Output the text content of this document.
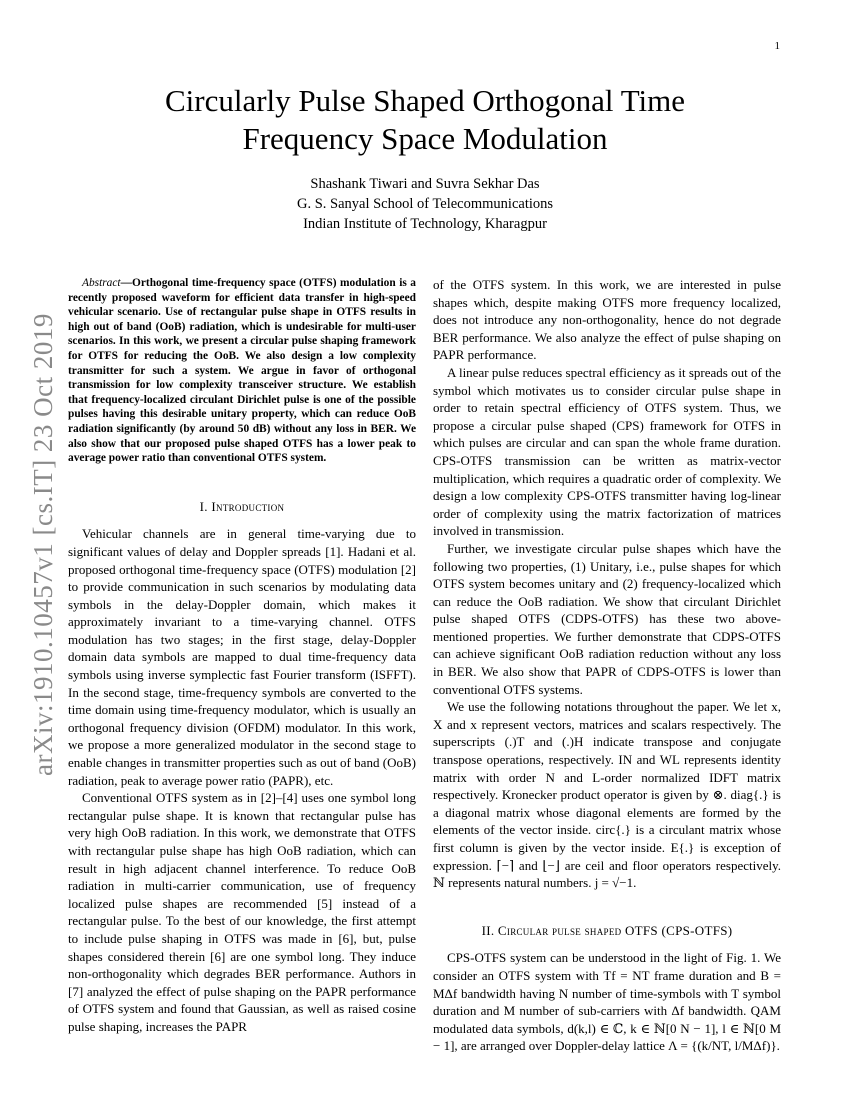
1
arXiv:1910.10457v1 [cs.IT] 23 Oct 2019
Circularly Pulse Shaped Orthogonal Time
Frequency Space Modulation
Shashank Tiwari and Suvra Sekhar Das
G. S. Sanyal School of Telecommunications
Indian Institute of Technology, Kharagpur

Abstract—Orthogonal time-frequency space (OTFS) modulation is a recently proposed waveform for efficient data transfer in high-speed vehicular scenario. Use of rectangular pulse shape in OTFS results in high out of band (OoB) radiation, which is undesirable for multi-user scenarios. In this work, we present a circular pulse shaping framework for OTFS for reducing the OoB. We also design a low complexity transmitter for such a system. We argue in favor of orthogonal transmission for low complexity transceiver structure. We establish that frequency-localized circulant Dirichlet pulse is one of the possible pulses having this desirable unitary property, which can reduce OoB radiation significantly (by around 50 dB) without any loss in BER. We also show that our proposed pulse shaped OTFS has a lower peak to average power ratio than conventional OTFS system.

I. Introduction

Vehicular channels are in general time-varying due to significant values of delay and Doppler spreads [1]. Hadani et al. proposed orthogonal time-frequency space (OTFS) modulation [2] to provide communication in such scenarios by modulating data symbols in the delay-Doppler domain, which makes it approximately invariant to a time-varying channel. OTFS modulation has two stages; in the first stage, delay-Doppler domain data symbols are mapped to dual time-frequency data symbols using inverse symplectic fast Fourier transform (ISFFT). In the second stage, time-frequency symbols are converted to the time domain using time-frequency modulator, which is usually an orthogonal frequency division (OFDM) modulator. In this work, we propose a more generalized modulator in the second stage to enable changes in transmitter properties such as out of band (OoB) radiation, peak to average power ratio (PAPR), etc.

Conventional OTFS system as in [2]–[4] uses one symbol long rectangular pulse shape. It is known that rectangular pulse has very high OoB radiation. In this work, we demonstrate that OTFS with rectangular pulse shape has high OoB radiation, which can result in high adjacent channel interference. To reduce OoB radiation in multi-carrier communication, use of frequency localized pulse shapes are recommended [5] instead of a rectangular pulse. To the best of our knowledge, the first attempt to include pulse shaping in OTFS was made in [6], but, pulse shapes considered therein [6] are one symbol long. They induce non-orthogonality which degrades BER performance. Authors in [7] analyzed the effect of pulse shaping on the PAPR performance of OTFS system and found that Gaussian, as well as raised cosine pulse shaping, increases the PAPR

of the OTFS system. In this work, we are interested in pulse shapes which, despite making OTFS more frequency localized, does not introduce any non-orthogonality, hence do not degrade BER performance. We also analyze the effect of pulse shaping on PAPR performance.

A linear pulse reduces spectral efficiency as it spreads out of the symbol which motivates us to consider circular pulse shape in order to retain spectral efficiency of OTFS system. Thus, we propose a circular pulse shaped (CPS) framework for OTFS in which pulses are circular and can span the whole frame duration. CPS-OTFS transmission can be written as matrix-vector multiplication, which requires a quadratic order of complexity. We design a low complexity CPS-OTFS transmitter having log-linear order of complexity using the matrix factorization of matrices involved in transmission.

Further, we investigate circular pulse shapes which have the following two properties, (1) Unitary, i.e., pulse shapes for which OTFS system becomes unitary and (2) frequency-localized which can reduce the OoB radiation. We show that circulant Dirichlet pulse shaped OTFS (CDPS-OTFS) has these two above-mentioned properties. We further demonstrate that CDPS-OTFS can achieve significant OoB radiation reduction without any loss in BER. We also show that PAPR of CDPS-OTFS is lower than conventional OTFS systems.

We use the following notations throughout the paper. We let x, X and x represent vectors, matrices and scalars respectively. The superscripts (.)T and (.)H indicate transpose and conjugate transpose operations, respectively. IN and WL represents identity matrix with order N and L-order normalized IDFT matrix respectively. Kronecker product operator is given by ⊗. diag{.} is a diagonal matrix whose diagonal elements are formed by the elements of the vector inside. circ{.} is a circulant matrix whose first column is given by the vector inside. E{.} is exception of expression. ⌈−⌉ and ⌊−⌋ are ceil and floor operators respectively. ℕ represents natural numbers. j = √−1.

II. Circular pulse shaped OTFS (CPS-OTFS)

CPS-OTFS system can be understood in the light of Fig. 1. We consider an OTFS system with Tf = NT frame duration and B = MΔf bandwidth having N number of time-symbols with T symbol duration and M number of sub-carriers with Δf bandwidth. QAM modulated data symbols, d(k,l) ∈ ℂ, k ∈ ℕ[0 N − 1], l ∈ ℕ[0 M − 1], are arranged over Doppler-delay lattice Λ = {(k/NT, l/MΔf)}.
